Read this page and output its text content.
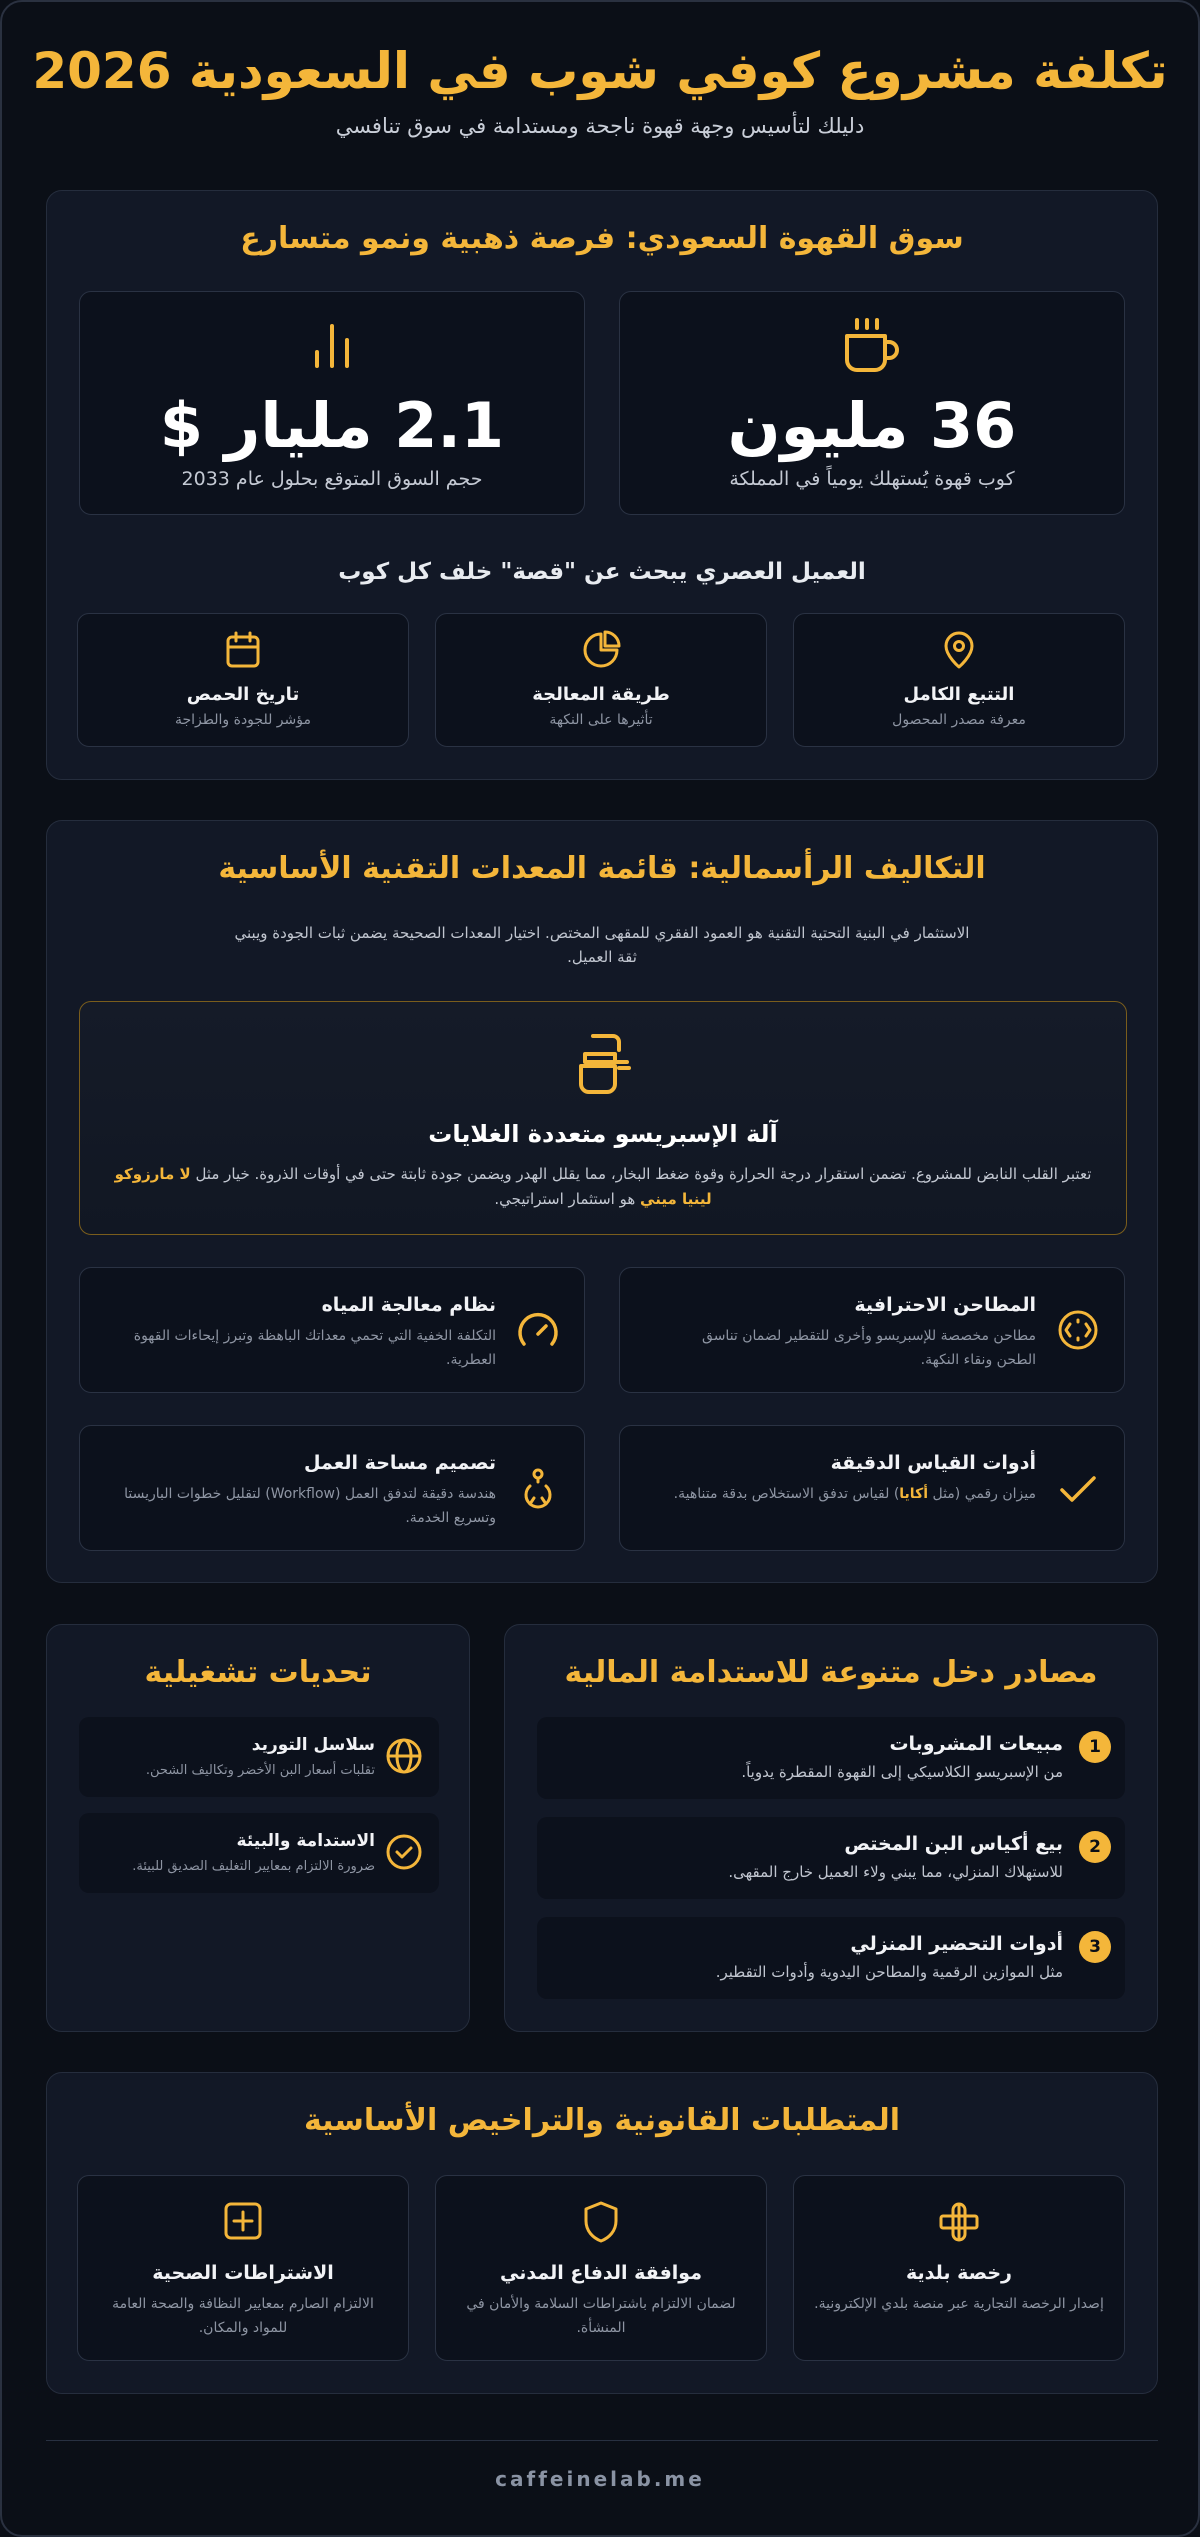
تكلفة مشروع كوفي شوب في السعودية 2026

دليلك لتأسيس وجهة قهوة ناجحة ومستدامة في سوق تنافسي

سوق القهوة السعودي: فرصة ذهبية ونمو متسارع
36 مليون
كوب قهوة يُستهلك يومياً في المملكة
2.1 مليار $
حجم السوق المتوقع بحلول عام 2033
العميل العصري يبحث عن "قصة" خلف كل كوب
التتبع الكامل
معرفة مصدر المحصول
طريقة المعالجة
تأثيرها على النكهة
تاريخ الحمص
مؤشر للجودة والطزاجة
التكاليف الرأسمالية: قائمة المعدات التقنية الأساسية
الاستثمار في البنية التحتية التقنية هو العمود الفقري للمقهى المختص. اختيار المعدات الصحيحة يضمن ثبات الجودة ويبني ثقة العميل.
آلة الإسبريسو متعددة الغلايات
تعتبر القلب النابض للمشروع. تضمن استقرار درجة الحرارة وقوة ضغط البخار، مما يقلل الهدر ويضمن جودة ثابتة حتى في أوقات الذروة. خيار مثل لا مارزوكو لينيا ميني هو استثمار استراتيجي.
المطاحن الاحترافية
مطاحن مخصصة للإسبريسو وأخرى للتقطير لضمان تناسق الطحن ونقاء النكهة.
نظام معالجة المياه
التكلفة الخفية التي تحمي معداتك الباهظة وتبرز إيحاءات القهوة العطرية.
أدوات القياس الدقيقة
ميزان رقمي (مثل أكايا) لقياس تدفق الاستخلاص بدقة متناهية.
تصميم مساحة العمل
هندسة دقيقة لتدفق العمل (Workflow) لتقليل خطوات الباريستا وتسريع الخدمة.
مصادر دخل متنوعة للاستدامة المالية
1
مبيعات المشروبات
من الإسبريسو الكلاسيكي إلى القهوة المقطرة يدوياً.
2
بيع أكياس البن المختص
للاستهلاك المنزلي، مما يبني ولاء العميل خارج المقهى.
3
أدوات التحضير المنزلي
مثل الموازين الرقمية والمطاحن اليدوية وأدوات التقطير.
تحديات تشغيلية
سلاسل التوريد
تقلبات أسعار البن الأخضر وتكاليف الشحن.
الاستدامة والبيئة
ضرورة الالتزام بمعايير التغليف الصديق للبيئة.
المتطلبات القانونية والتراخيص الأساسية
رخصة بلدية
إصدار الرخصة التجارية عبر منصة بلدي الإلكترونية.
موافقة الدفاع المدني
لضمان الالتزام باشتراطات السلامة والأمان في المنشأة.
الاشتراطات الصحية
الالتزام الصارم بمعايير النظافة والصحة العامة للمواد والمكان.
caffeinelab.me
